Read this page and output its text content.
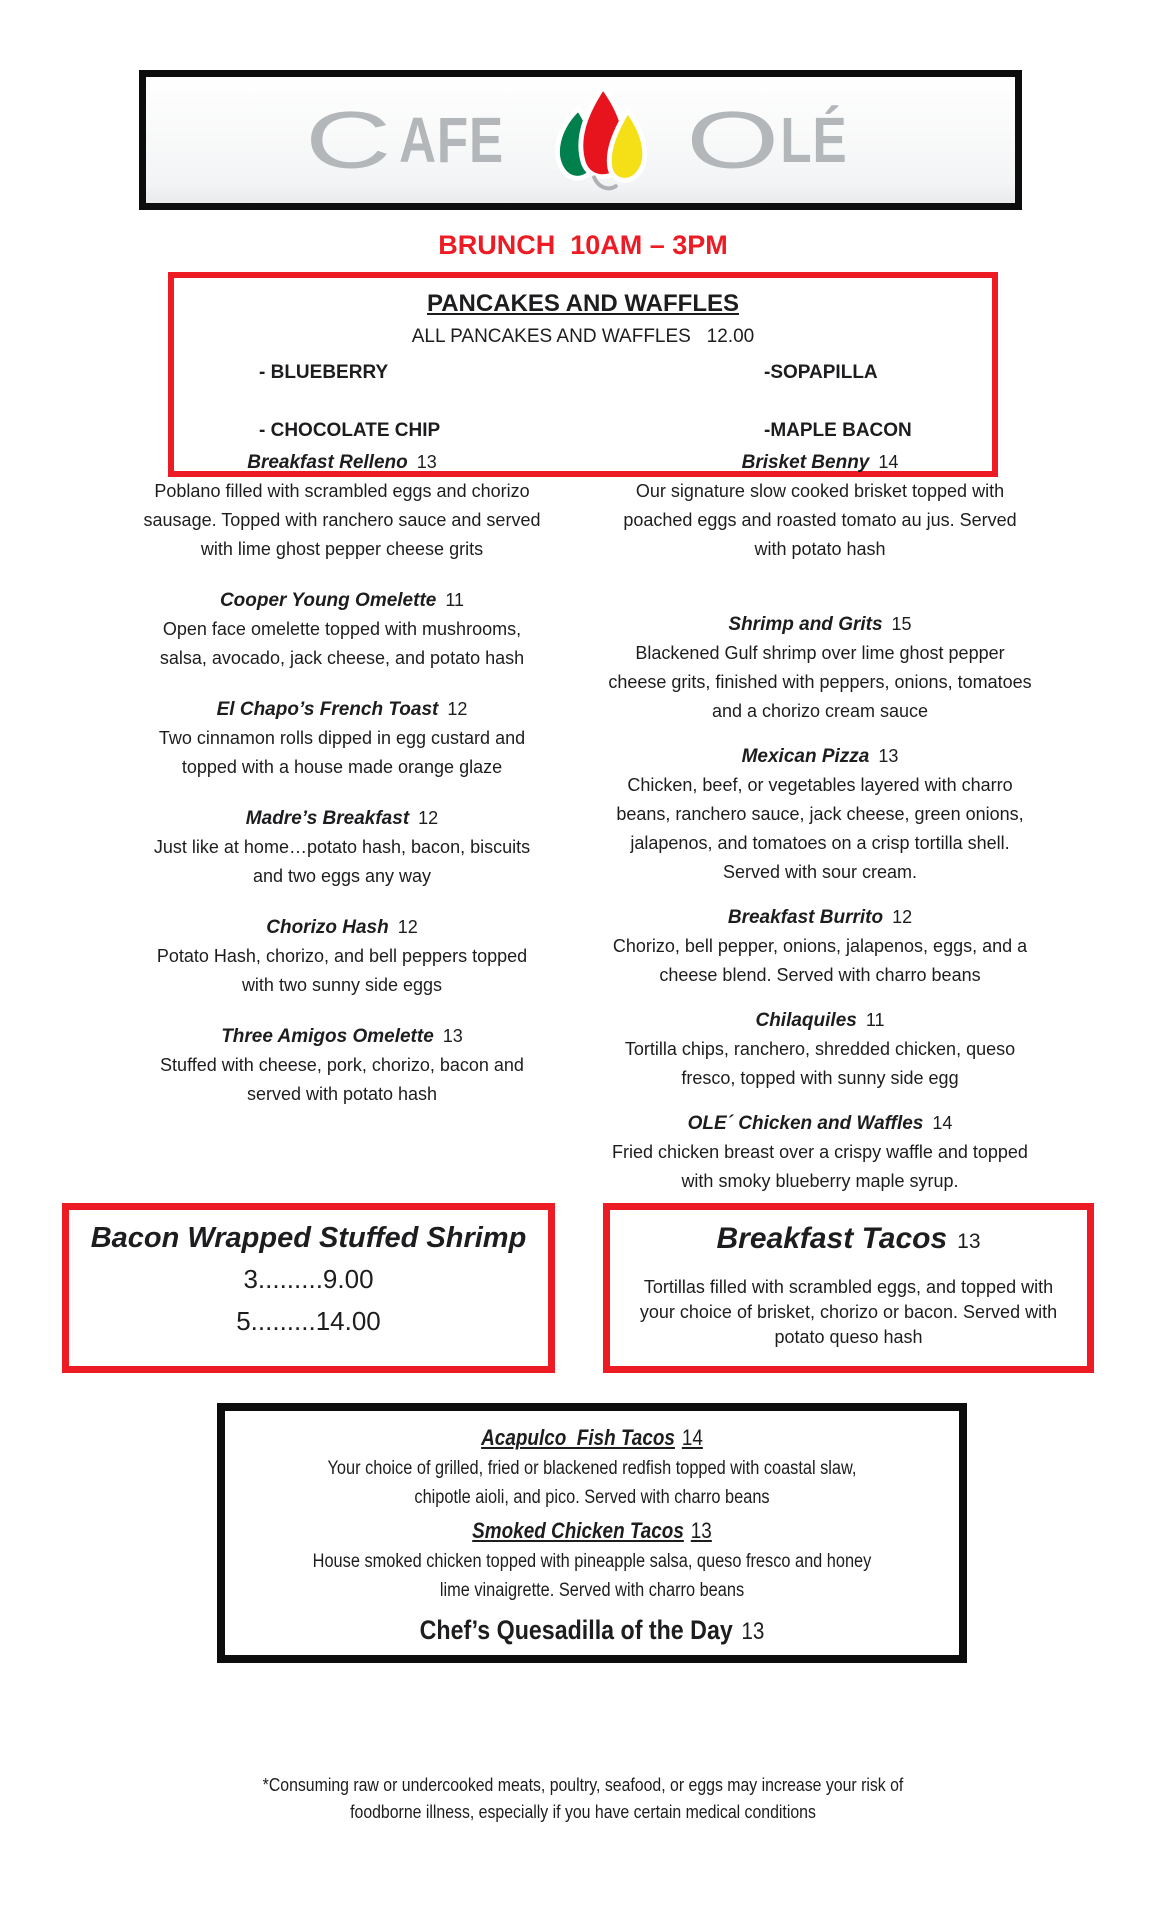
C AFE O LÉ
BRUNCH  10AM – 3PM
PANCAKES AND WAFFLES
ALL PANCAKES AND WAFFLES   12.00

- BLUEBERRY

- CHOCOLATE CHIP

-SOPAPILLA

-MAPLE BACON

Breakfast Relleno 13
Poblano filled with scrambled eggs and chorizo sausage. Topped with ranchero sauce and served with lime ghost pepper cheese grits
Cooper Young Omelette 11
Open face omelette topped with mushrooms, salsa, avocado, jack cheese, and potato hash
El Chapo’s French Toast 12
Two cinnamon rolls dipped in egg custard and topped with a house made orange glaze
Madre’s Breakfast 12
Just like at home…potato hash, bacon, biscuits and two eggs any way
Chorizo Hash 12
Potato Hash, chorizo, and bell peppers topped with two sunny side eggs
Three Amigos Omelette 13
Stuffed with cheese, pork, chorizo, bacon and served with potato hash
Brisket Benny 14
Our signature slow cooked brisket topped with poached eggs and roasted tomato au jus. Served with potato hash
Shrimp and Grits 15
Blackened Gulf shrimp over lime ghost pepper cheese grits, finished with peppers, onions, tomatoes and a chorizo cream sauce
Mexican Pizza 13
Chicken, beef, or vegetables layered with charro beans, ranchero sauce, jack cheese, green onions, jalapenos, and tomatoes on a crisp tortilla shell. Served with sour cream.
Breakfast Burrito 12
Chorizo, bell pepper, onions, jalapenos, eggs, and a cheese blend. Served with charro beans
Chilaquiles 11
Tortilla chips, ranchero, shredded chicken, queso fresco, topped with sunny side egg
OLE´ Chicken and Waffles 14
Fried chicken breast over a crispy waffle and topped with smoky blueberry maple syrup.
Bacon Wrapped Stuffed Shrimp
3.........9.00
5.........14.00
Breakfast Tacos 13
Tortillas filled with scrambled eggs, and topped with your choice of brisket, chorizo or bacon. Served with potato queso hash
Acapulco  Fish Tacos 14
Your choice of grilled, fried or blackened redfish topped with coastal slaw, chipotle aioli, and pico. Served with charro beans
Smoked Chicken Tacos 13
House smoked chicken topped with pineapple salsa, queso fresco and honey lime vinaigrette. Served with charro beans
Chef’s Quesadilla of the Day 13
*Consuming raw or undercooked meats, poultry, seafood, or eggs may increase your risk of foodborne illness, especially if you have certain medical conditions
